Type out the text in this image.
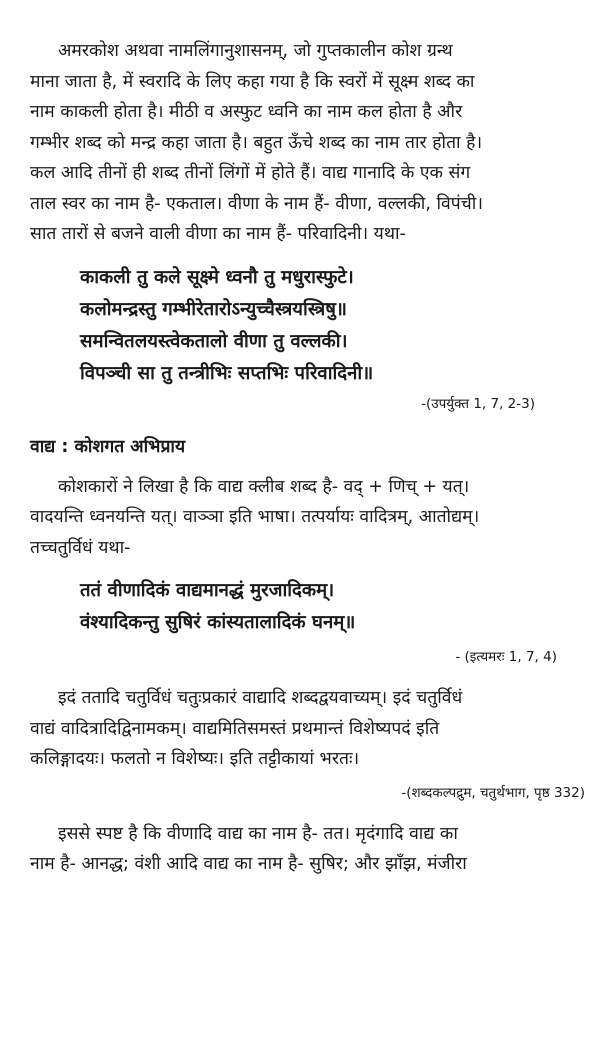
अमरकोश अथवा नामलिंगानुशासनम्, जो गुप्तकालीन कोश ग्रन्थ
माना जाता है, में स्वरादि के लिए कहा गया है कि स्वरों में सूक्ष्म शब्द का
नाम काकली होता है। मीठी व अस्फुट ध्वनि का नाम कल होता है और
गम्भीर शब्द को मन्द्र कहा जाता है। बहुत ऊँचे शब्द का नाम तार होता है।
कल आदि तीनों ही शब्द तीनों लिंगों में होते हैं। वाद्य गानादि के एक संग
ताल स्वर का नाम है- एकताल। वीणा के नाम हैं- वीणा, वल्लकी, विपंची।
सात तारों से बजने वाली वीणा का नाम हैं- परिवादिनी। यथा-
काकली तु कले सूक्ष्मे ध्वनौ तु मधुरास्फुटे।
कलोमन्द्रस्तु गम्भीरेतारोऽन्युच्चैस्त्रयस्त्रिषु॥
समन्वितलयस्त्वेकतालो वीणा तु वल्लकी।
विपञ्ची सा तु तन्त्रीभिः सप्तभिः परिवादिनी॥

-(उपर्युक्त 1, 7, 2-3)

वाद्य : कोशगत अभिप्राय

कोशकारों ने लिखा है कि वाद्य क्लीब शब्द है- वद् + णिच् + यत्।
वादयन्ति ध्वनयन्ति यत्। वाञ्ञा इति भाषा। तत्पर्यायः वादित्रम्, आतोद्यम्।
तच्चतुर्विधं यथा-
ततं वीणादिकं वाद्यमानद्धं मुरजादिकम्।
वंश्यादिकन्तु सुषिरं कांस्यतालादिकं घनम्॥

- (इत्यमरः 1, 7, 4)

इदं ततादि चतुर्विधं चतुःप्रकारं वाद्यादि शब्दद्वयवाच्यम्। इदं चतुर्विधं
वाद्यं वादित्रादिद्विनामकम्। वाद्यमितिसमस्तं प्रथमान्तं विशेष्यपदं इति
कलिङ्गादयः। फलतो न विशेष्यः। इति तट्टीकायां भरतः।

-(शब्दकल्पद्रुम, चतुर्थभाग, पृष्ठ 332)

इससे स्पष्ट है कि वीणादि वाद्य का नाम है- तत। मृदंगादि वाद्य का
नाम है- आनद्ध; वंशी आदि वाद्य का नाम है- सुषिर; और झाँझ, मंजीरा
